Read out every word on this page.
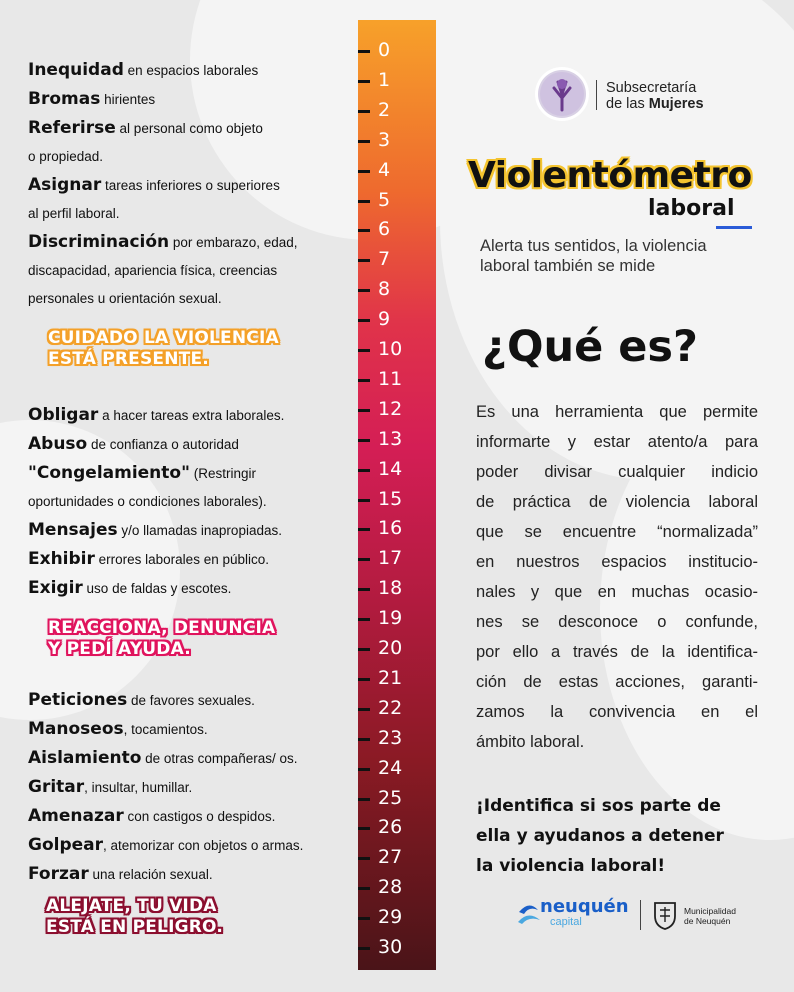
Inequidad en espacios laborales
Bromas hirientes
Referirse al personal como objeto
o propiedad.
Asignar tareas inferiores o superiores
al perfil laboral.
Discriminación por embarazo, edad,
discapacidad, apariencia física, creencias
personales u orientación sexual.
CUIDADO LA VIOLENCIA
ESTÁ PRESENTE.
Obligar a hacer tareas extra laborales.
Abuso de confianza o autoridad
"Congelamiento" (Restringir
oportunidades o condiciones laborales).
Mensajes y/o llamadas inapropiadas.
Exhibir errores laborales en público.
Exigir uso de faldas y escotes.
REACCIONA, DENUNCIA
Y PEDÍ AYUDA.
Peticiones de favores sexuales.
Manoseos, tocamientos.
Aislamiento de otras compañeras/ os.
Gritar, insultar, humillar.
Amenazar con castigos o despidos.
Golpear, atemorizar con objetos o armas.
Forzar una relación sexual.
ALEJATE, TU VIDA
ESTÁ EN PELIGRO.
0
1
2
3
4
5
6
7
8
9
10
11
12
13
14
15
16
17
18
19
20
21
22
23
24
25
26
27
28
29
30
Subsecretaría
de las Mujeres
Violentómetro
laboral
Alerta tus sentidos, la violencia
laboral también se mide
¿Qué es?
Es una herramienta que permite
informarte y estar atento/a para
poder divisar cualquier indicio
de práctica de violencia laboral
que se encuentre “normalizada”
en nuestros espacios institucio-
nales y que en muchas ocasio-
nes se desconoce o confunde,
por ello a través de la identifica-
ción de estas acciones, garanti-
zamos la convivencia en el
ámbito laboral.
¡Identifica si sos parte de
ella y ayudanos a detener
la violencia laboral!
neuquén
capital
Municipalidad
de Neuquén
